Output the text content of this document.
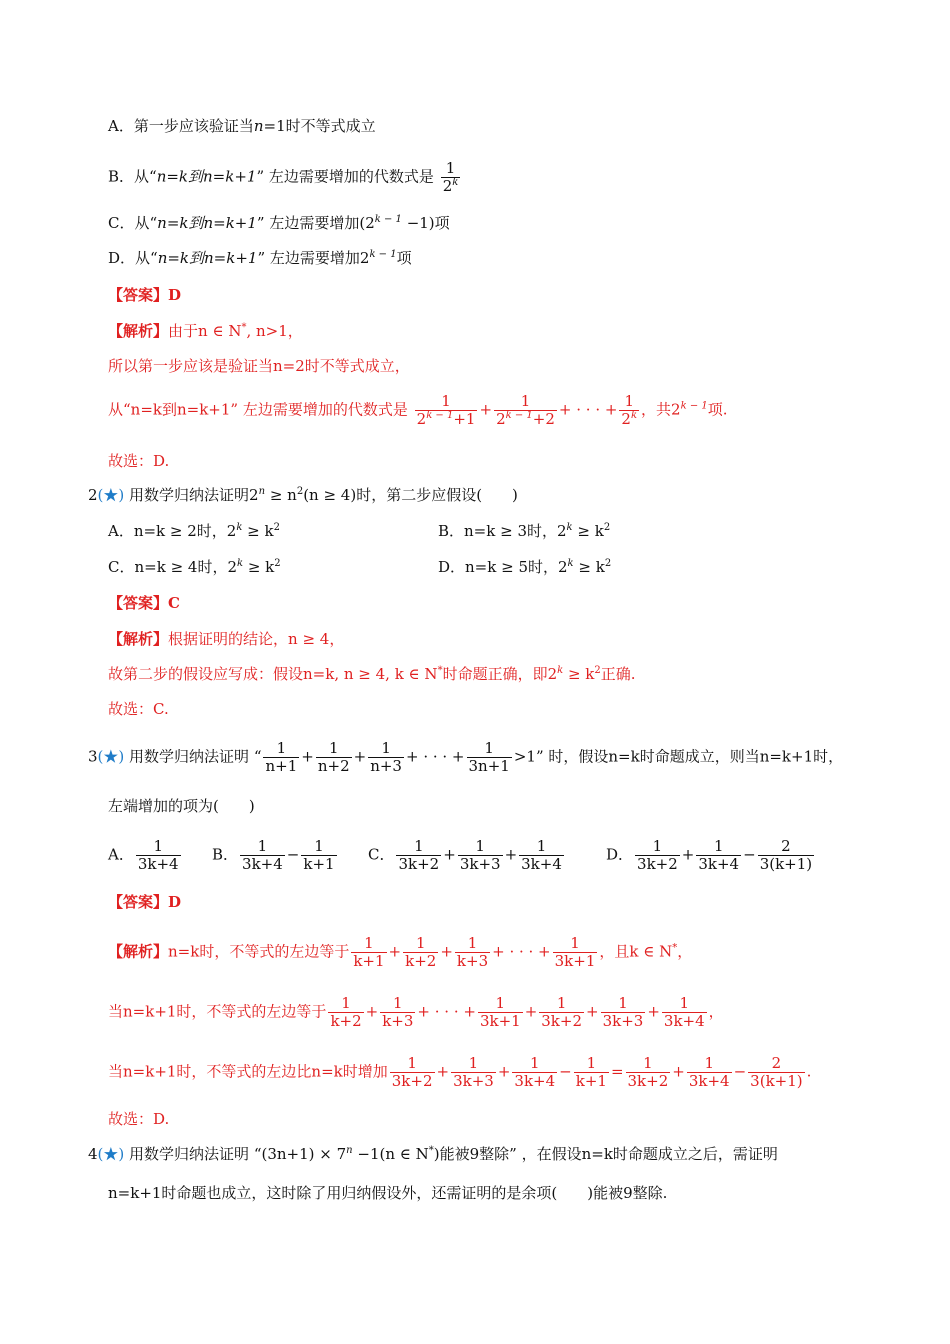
A．第一步应该验证当n=1时不等式成立
B．从“n=k到n=k+1” 左边需要增加的代数式是 $\frac{1}{2^k}$
C．从“n=k到n=k+1” 左边需要增加$(2^{k - 1} -1)$项
D．从“n=k到n=k+1” 左边需要增加$2^{k - 1}$项
【答案】D
【解析】由于n ∈ N*, n>1，
所以第一步应该是验证当n=2时不等式成立，
从“n=k到n=k+1” 左边需要增加的代数式是 $\frac{1}{2^{k - 1}+1} + \frac{1}{2^{k - 1}+2}$ + · · · + $\frac{1}{2^k}$ ，共$2^{k - 1}$项.
故选：D.
2(★) 用数学归纳法证明$2^n \ge n^2(n \ge 4)$时，第二步应假设(　　)
A．n=k ≥ 2时，$2^k \ge k^2$	B．n=k ≥ 3时，$2^k \ge k^2$
C．n=k ≥ 4时，$2^k \ge k^2$	D．n=k ≥ 5时，$2^k \ge k^2$
【答案】C
【解析】根据证明的结论，n ≥ 4，
故第二步的假设应写成：假设n=k, n ≥ 4, k ∈ N*时命题正确，即$2^k \ge k^2$正确.
故选：C.
3(★) 用数学归纳法证明 “ $\frac{1}{n+1} + \frac{1}{n+2} + \frac{1}{n+3}$ + · · · + $\frac{1}{3n+1} >1$” 时，假设n=k时命题成立，则当n=k+1时，
左端增加的项为(　　)
A． $\frac{1}{3k+4}$ B． $\frac{1}{3k+4} - \frac{1}{k+1}$ C． $\frac{1}{3k+2} + \frac{1}{3k+3} + \frac{1}{3k+4}$	D． $\frac{1}{3k+2} + \frac{1}{3k+4} - \frac{2}{3(k+1)}$
【答案】D
【解析】n=k时，不等式的左边等于 $\frac{1}{k+1} + \frac{1}{k+2} + \frac{1}{k+3}$ + · · · + $\frac{1}{3k+1}$ ，且k ∈ N*，
当n=k+1时，不等式的左边等于 $\frac{1}{k+2} + \frac{1}{k+3}$ + · · · + $\frac{1}{3k+1} + \frac{1}{3k+2} + \frac{1}{3k+3} + \frac{1}{3k+4}$ ，
当n=k+1时，不等式的左边比n=k时增加 $\frac{1}{3k+2} + \frac{1}{3k+3} + \frac{1}{3k+4} - \frac{1}{k+1} = \frac{1}{3k+2} + \frac{1}{3k+4} - \frac{2}{3(k+1)}$ .
故选：D.
4(★) 用数学归纳法证明 “$(3n+1) \times 7^n -1(n$ ∈ N*)能被9整除” ，在假设n=k时命题成立之后，需证明
n=k+1时命题也成立，这时除了用归纳假设外，还需证明的是余项(　　)能被9整除.
